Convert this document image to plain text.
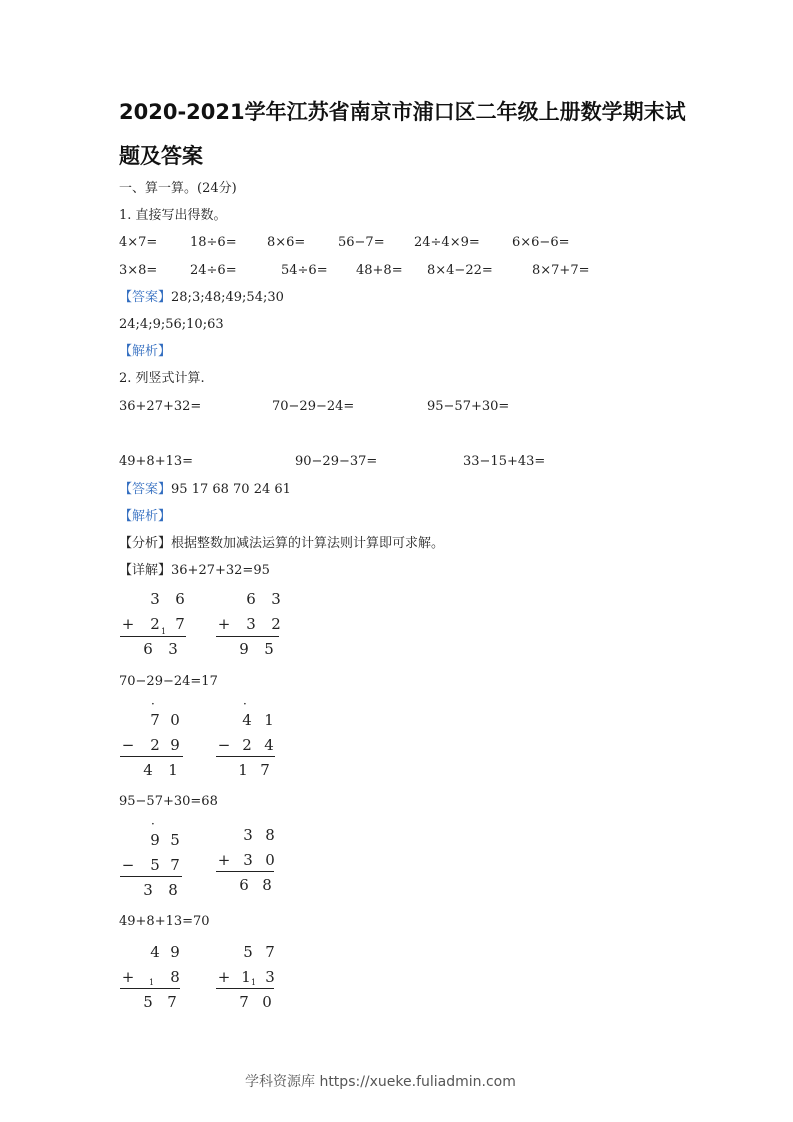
2020-2021学年江苏省南京市浦口区二年级上册数学期末试
题及答案
一、算一算。(24分)
1. 直接写出得数。
4×7=	18÷6= 8×6=	56−7= 24÷4×9= 6×6−6=
3×8=	24÷6=	54÷6= 48+8= 8×4−22=	8×7+7=
【答案】28;3;48;49;54;30
24;4;9;56;10;63
【解析】
2. 列竖式计算.
36+27+32=	70−29−24=	95−57+30=
49+8+13=	90−29−37=	33−15+43=
【答案】95 17 68 70 24 61
【解析】
【分析】根据整数加减法运算的计算法则计算即可求解。
【详解】36+27+32=95
3 6
+ 2 1 7
6 3
6 3
+ 3 2
9 5
70−29−24=17
·
7 0
− 2 9
4 1
·
4 1
− 2 4
1 7
95−57+30=68
·
9 5
− 5 7
3 8
3 8
+ 3 0
6 8
49+8+13=70
4 9
+ 1 8
5 7
5 7
+ 1 1 3
7 0
学科资源库 https://xueke.fuliadmin.com
